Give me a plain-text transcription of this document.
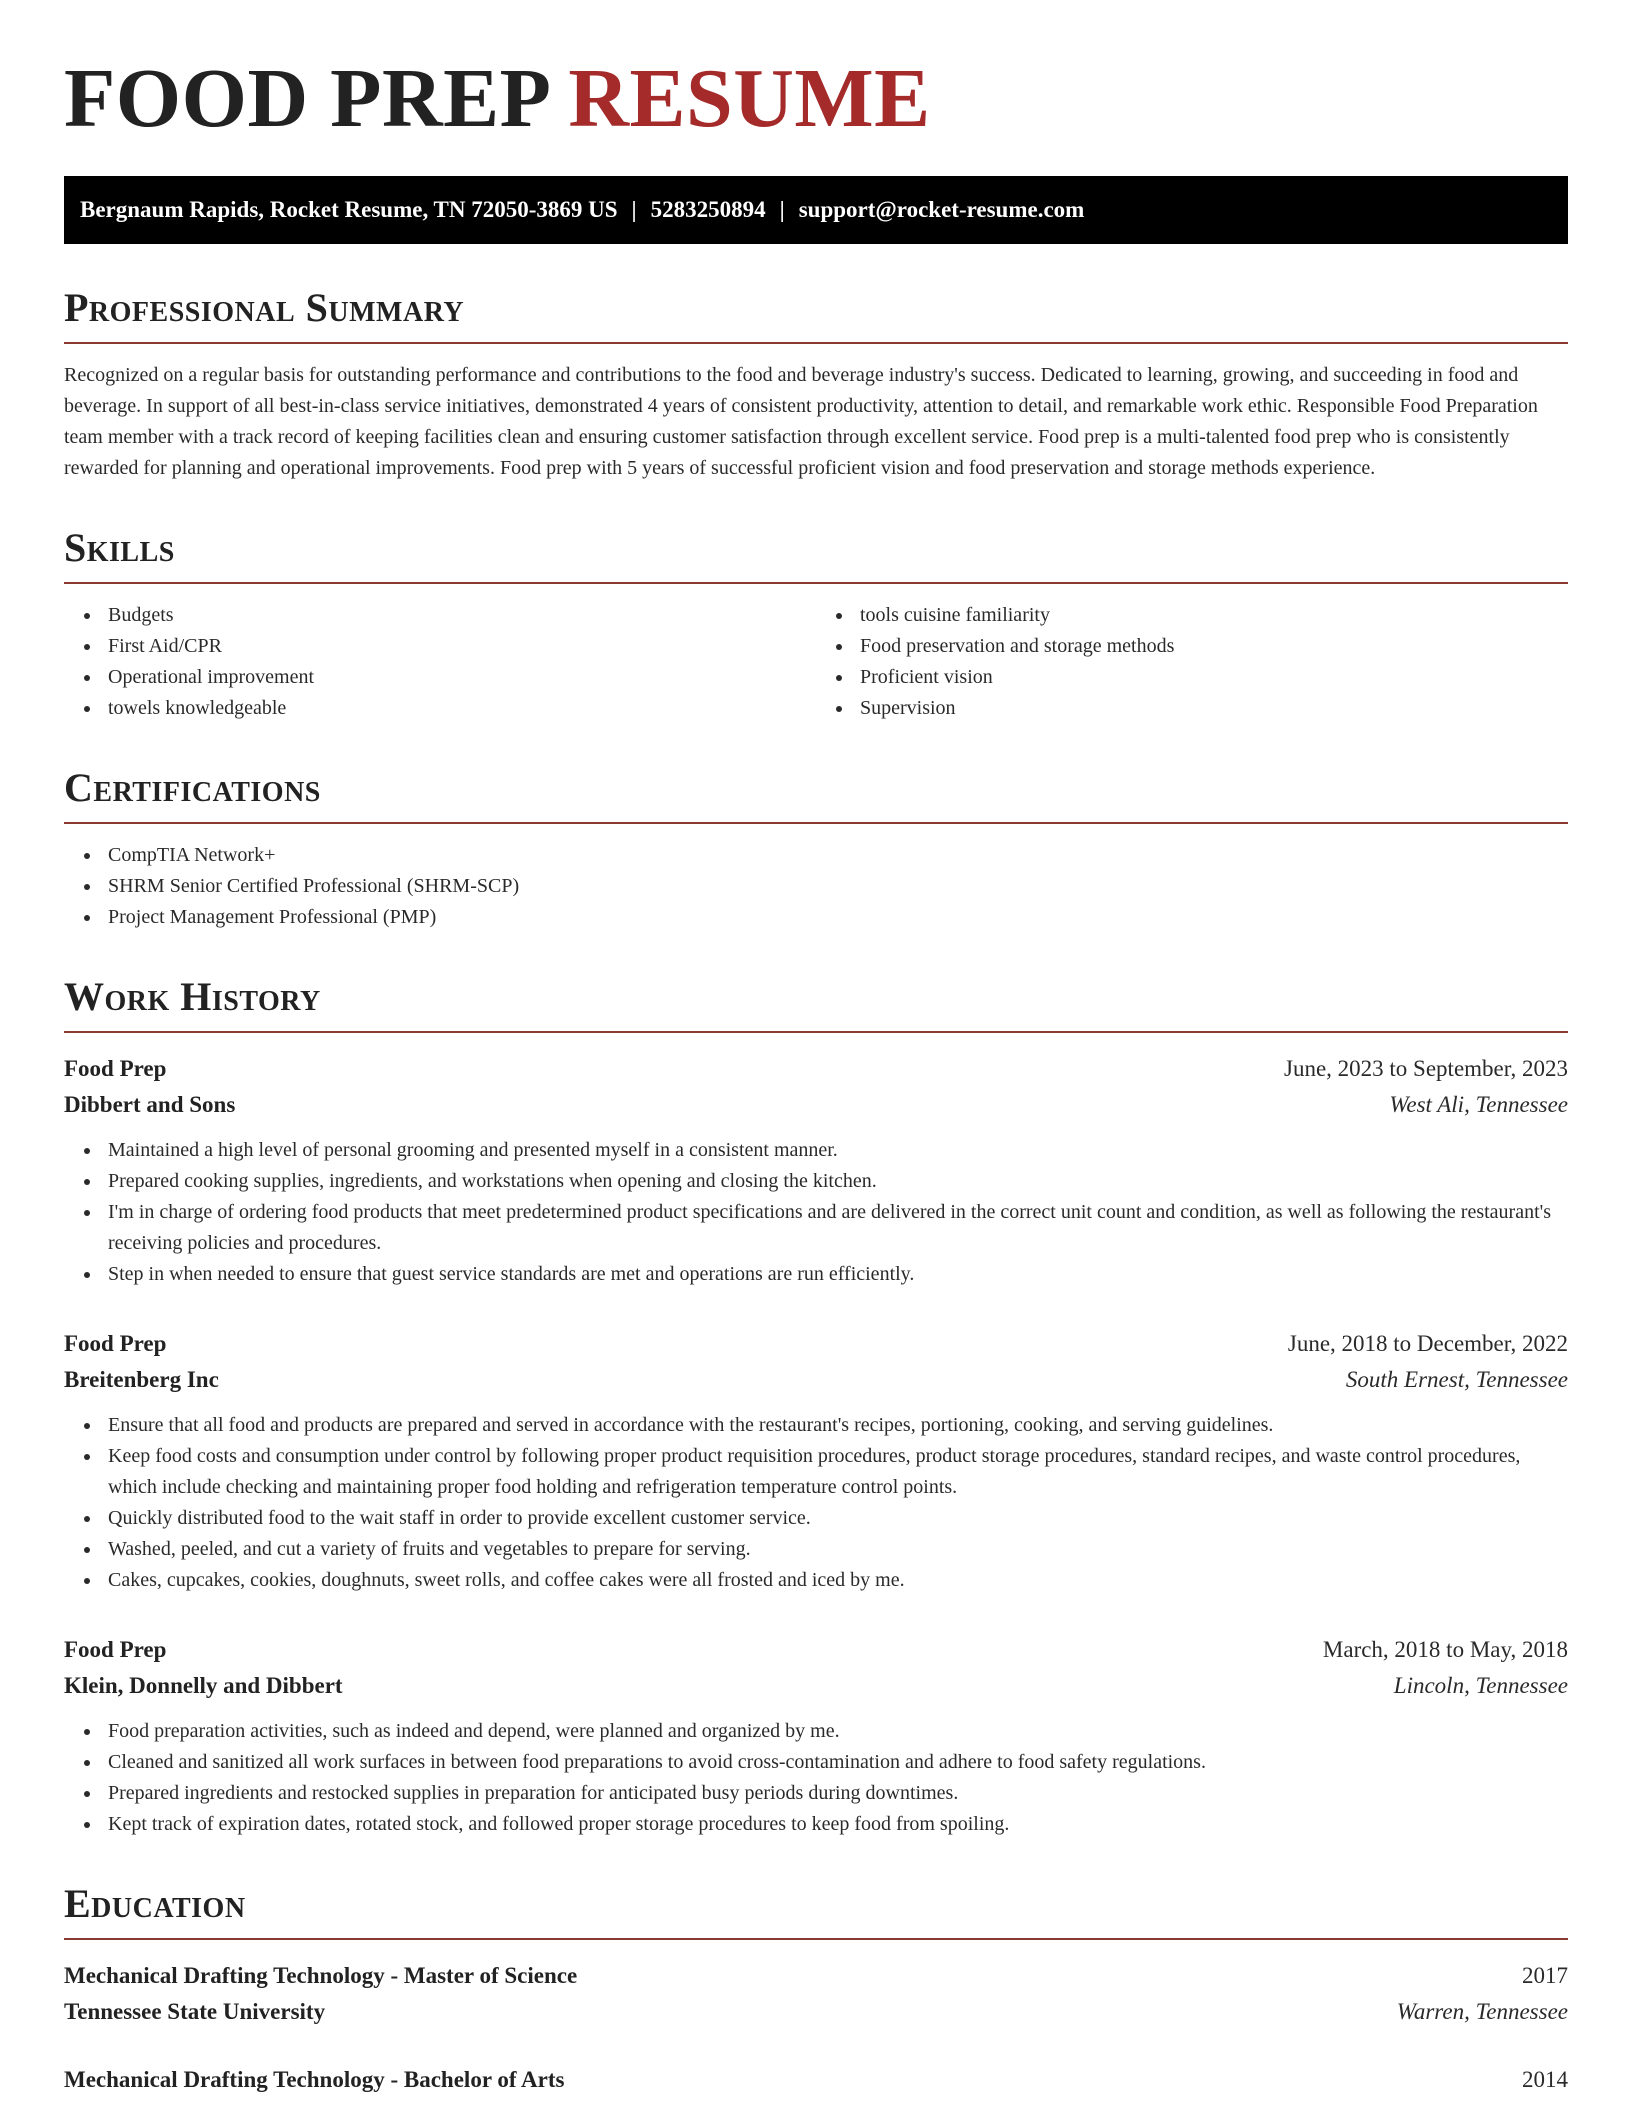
FOOD PREP RESUME
Bergnaum Rapids, Rocket Resume, TN 72050-3869 US | 5283250894 | support@rocket-resume.com
Professional Summary

Recognized on a regular basis for outstanding performance and contributions to the food and beverage industry's success. Dedicated to learning, growing, and succeeding in food and beverage. In support of all best-in-class service initiatives, demonstrated 4 years of consistent productivity, attention to detail, and remarkable work ethic. Responsible Food Preparation team member with a track record of keeping facilities clean and ensuring customer satisfaction through excellent service. Food prep is a multi-talented food prep who is consistently rewarded for planning and operational improvements. Food prep with 5 years of successful proficient vision and food preservation and storage methods experience.

Skills
Budgets
First Aid/CPR
Operational improvement
towels knowledgeable
tools cuisine familiarity
Food preservation and storage methods
Proficient vision
Supervision
Certifications
CompTIA Network+
SHRM Senior Certified Professional (SHRM-SCP)
Project Management Professional (PMP)
Work History
Food Prep	June, 2023 to September, 2023
Dibbert and Sons	West Ali, Tennessee
Maintained a high level of personal grooming and presented myself in a consistent manner.
Prepared cooking supplies, ingredients, and workstations when opening and closing the kitchen.
I'm in charge of ordering food products that meet predetermined product specifications and are delivered in the correct unit count and condition, as well as following the restaurant's receiving policies and procedures.
Step in when needed to ensure that guest service standards are met and operations are run efficiently.
Food Prep	June, 2018 to December, 2022
Breitenberg Inc	South Ernest, Tennessee
Ensure that all food and products are prepared and served in accordance with the restaurant's recipes, portioning, cooking, and serving guidelines.
Keep food costs and consumption under control by following proper product requisition procedures, product storage procedures, standard recipes, and waste control procedures, which include checking and maintaining proper food holding and refrigeration temperature control points.
Quickly distributed food to the wait staff in order to provide excellent customer service.
Washed, peeled, and cut a variety of fruits and vegetables to prepare for serving.
Cakes, cupcakes, cookies, doughnuts, sweet rolls, and coffee cakes were all frosted and iced by me.
Food Prep	March, 2018 to May, 2018
Klein, Donnelly and Dibbert	Lincoln, Tennessee
Food preparation activities, such as indeed and depend, were planned and organized by me.
Cleaned and sanitized all work surfaces in between food preparations to avoid cross-contamination and adhere to food safety regulations.
Prepared ingredients and restocked supplies in preparation for anticipated busy periods during downtimes.
Kept track of expiration dates, rotated stock, and followed proper storage procedures to keep food from spoiling.
Education
Mechanical Drafting Technology - Master of Science	2017
Tennessee State University	Warren, Tennessee
Mechanical Drafting Technology - Bachelor of Arts	2014
